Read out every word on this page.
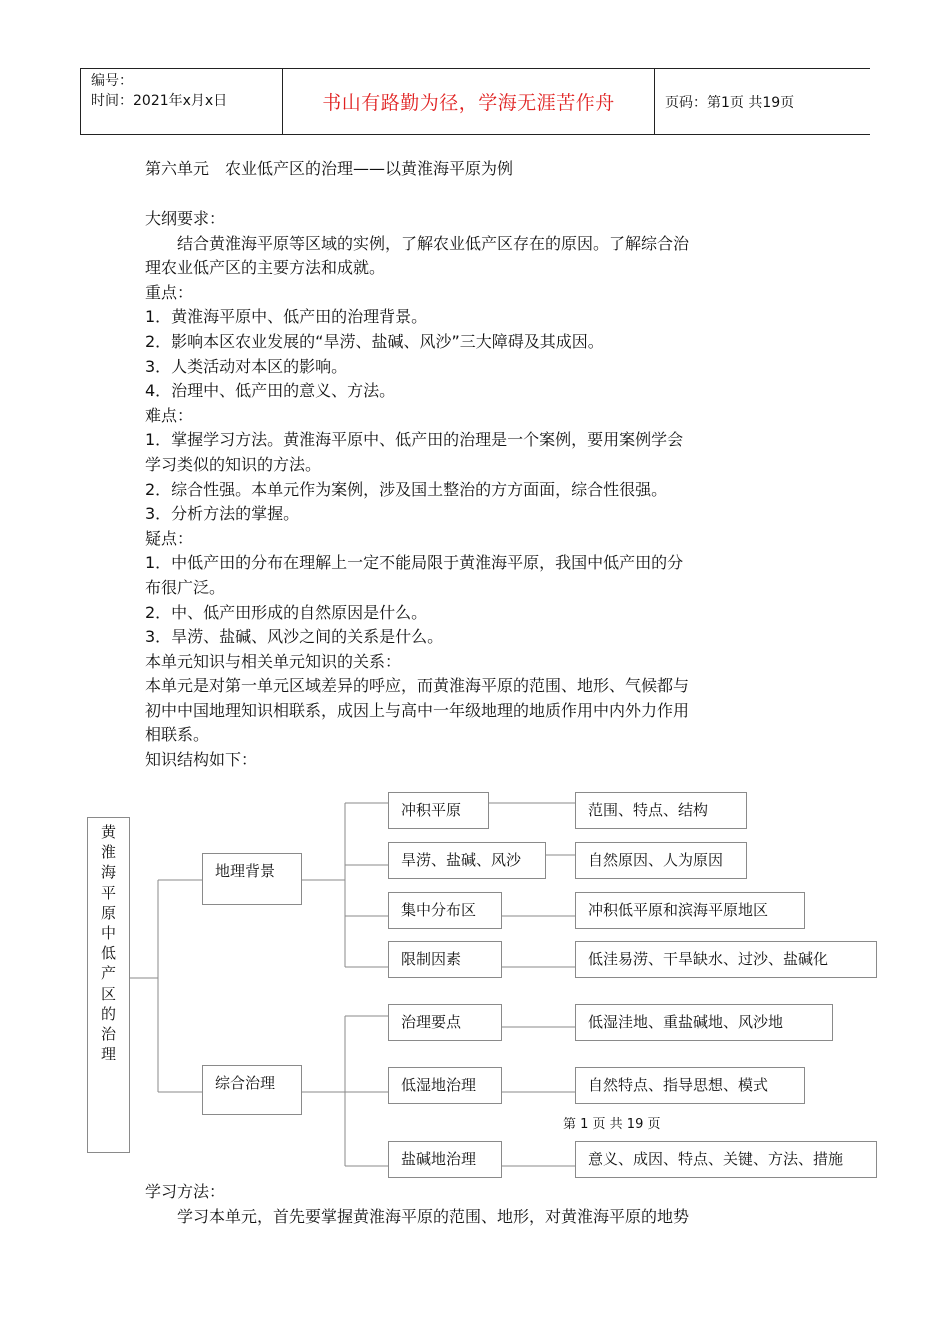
编号：
时间：2021年x月x日	书山有路勤为径，学海无涯苦作舟	页码：第1页 共19页
第六单元　农业低产区的治理——以黄淮海平原为例
大纲要求：
　　结合黄淮海平原等区域的实例，了解农业低产区存在的原因。了解综合治
理农业低产区的主要方法和成就。
重点：
1．黄淮海平原中、低产田的治理背景。
2．影响本区农业发展的“旱涝、盐碱、风沙”三大障碍及其成因。
3．人类活动对本区的影响。
4．治理中、低产田的意义、方法。
难点：
1．掌握学习方法。黄淮海平原中、低产田的治理是一个案例，要用案例学会
学习类似的知识的方法。
2．综合性强。本单元作为案例，涉及国土整治的方方面面，综合性很强。
3．分析方法的掌握。
疑点：
1．中低产田的分布在理解上一定不能局限于黄淮海平原，我国中低产田的分
布很广泛。
2．中、低产田形成的自然原因是什么。
3．旱涝、盐碱、风沙之间的关系是什么。
本单元知识与相关单元知识的关系：
本单元是对第一单元区域差异的呼应，而黄淮海平原的范围、地形、气候都与
初中中国地理知识相联系，成因上与高中一年级地理的地质作用中内外力作用
相联系。
知识结构如下：
黄
淮
海
平
原
中
低
产
区
的
治
理
地理背景
综合治理
冲积平原
旱涝、盐碱、风沙
集中分布区
限制因素
治理要点
低湿地治理
盐碱地治理
范围、特点、结构
自然原因、人为原因
冲积低平原和滨海平原地区
低洼易涝、干旱缺水、过沙、盐碱化
低湿洼地、重盐碱地、风沙地
自然特点、指导思想、模式
意义、成因、特点、关键、方法、措施
第 1 页 共 19 页
学习方法：
　　学习本单元，首先要掌握黄淮海平原的范围、地形，对黄淮海平原的地势
